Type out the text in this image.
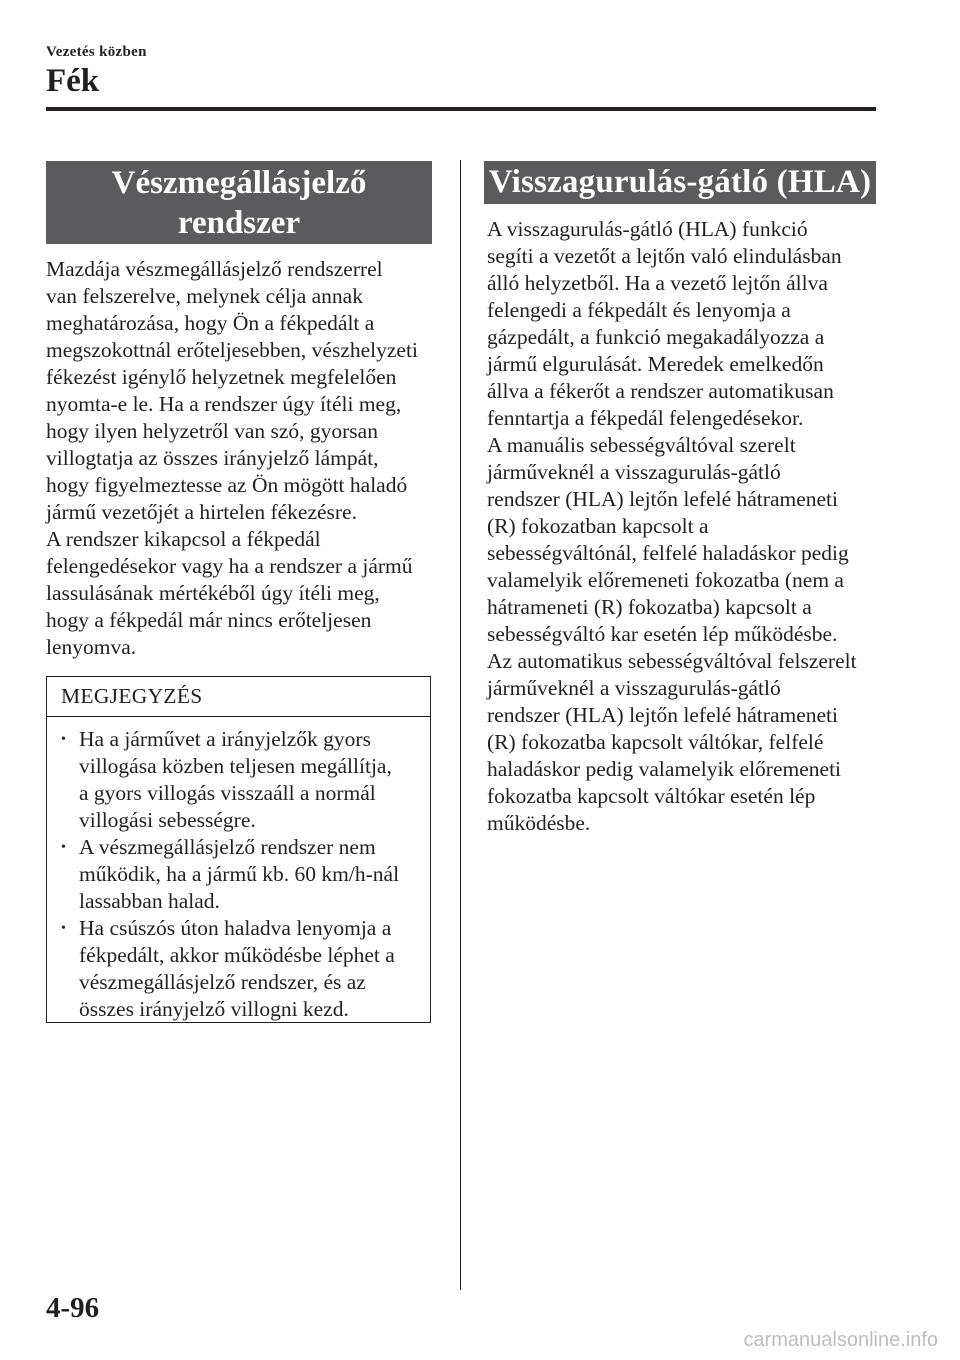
Vezetés közben
Fék
Vészmegállásjelző
rendszer

Mazdája vészmegállásjelző rendszerrel

van felszerelve, melynek célja annak

meghatározása, hogy Ön a fékpedált a

megszokottnál erőteljesebben, vészhelyzeti

fékezést igénylő helyzetnek megfelelően

nyomta-e le. Ha a rendszer úgy ítéli meg,

hogy ilyen helyzetről van szó, gyorsan

villogtatja az összes irányjelző lámpát,

hogy figyelmeztesse az Ön mögött haladó

jármű vezetőjét a hirtelen fékezésre.

A rendszer kikapcsol a fékpedál

felengedésekor vagy ha a rendszer a jármű

lassulásának mértékéből úgy ítéli meg,

hogy a fékpedál már nincs erőteljesen

lenyomva.

MEGJEGYZÉS
• Ha a járművet a irányjelzők gyors
villogása közben teljesen megállítja,
a gyors villogás visszaáll a normál
villogási sebességre.
• A vészmegállásjelző rendszer nem
működik, ha a jármű kb. 60 km/h-nál
lassabban halad.
• Ha csúszós úton haladva lenyomja a
fékpedált, akkor működésbe léphet a
vészmegállásjelző rendszer, és az
összes irányjelző villogni kezd.
Visszagurulás-gátló (HLA)

A visszagurulás-gátló (HLA) funkció

segíti a vezetőt a lejtőn való elindulásban

álló helyzetből. Ha a vezető lejtőn állva

felengedi a fékpedált és lenyomja a

gázpedált, a funkció megakadályozza a

jármű elgurulását. Meredek emelkedőn

állva a fékerőt a rendszer automatikusan

fenntartja a fékpedál felengedésekor.

A manuális sebességváltóval szerelt

járműveknél a visszagurulás-gátló

rendszer (HLA) lejtőn lefelé hátrameneti

(R) fokozatban kapcsolt a

sebességváltónál, felfelé haladáskor pedig

valamelyik előremeneti fokozatba (nem a

hátrameneti (R) fokozatba) kapcsolt a

sebességváltó kar esetén lép működésbe.

Az automatikus sebességváltóval felszerelt

járműveknél a visszagurulás-gátló

rendszer (HLA) lejtőn lefelé hátrameneti

(R) fokozatba kapcsolt váltókar, felfelé

haladáskor pedig valamelyik előremeneti

fokozatba kapcsolt váltókar esetén lép

működésbe.

4-96
carmanualsonline.info
